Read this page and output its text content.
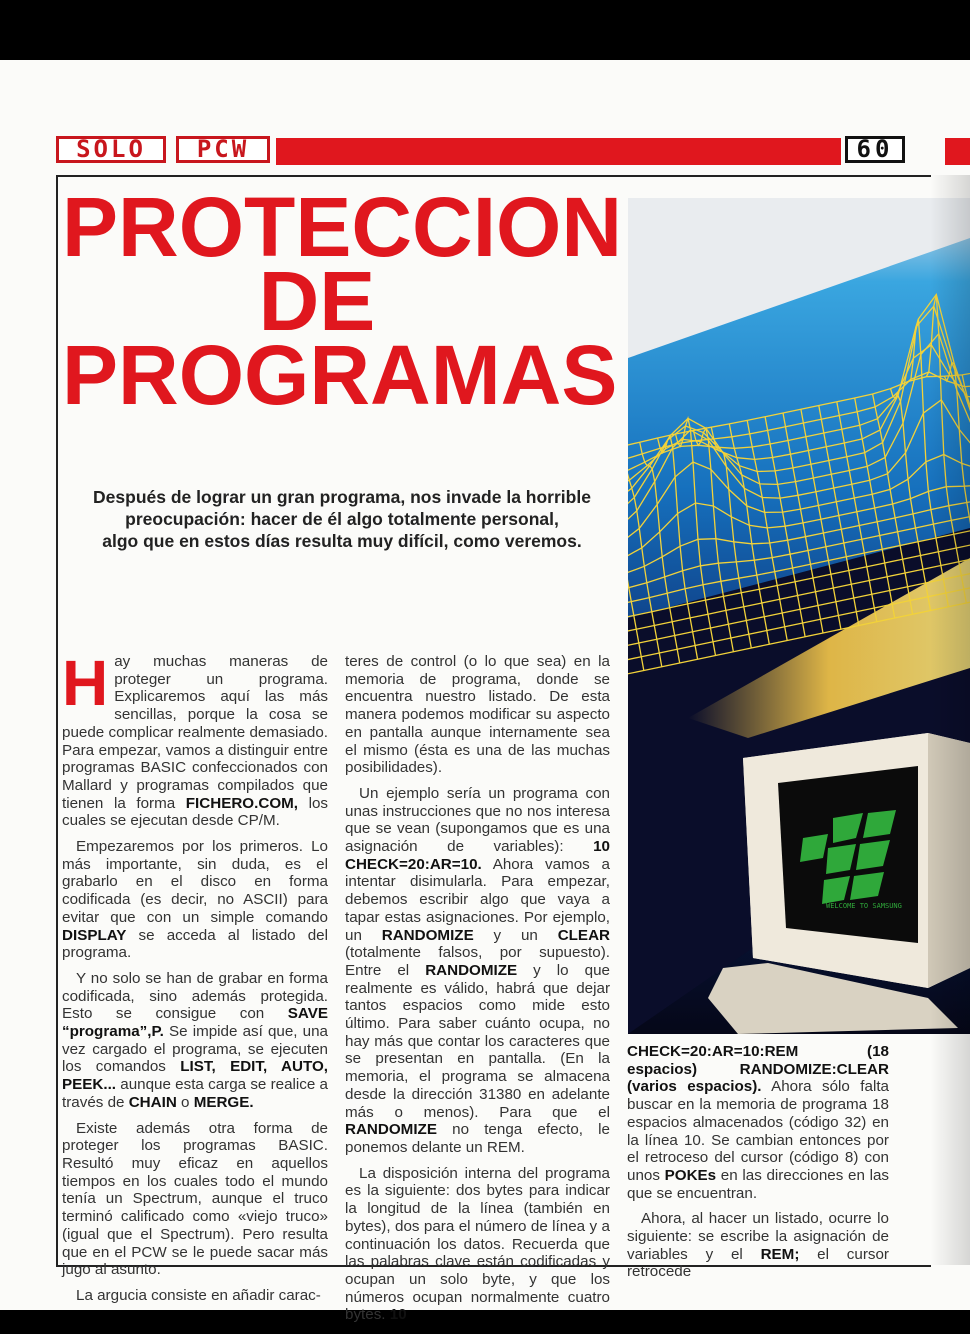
SOLO	PCW	60
PROTECCION
DE
PROGRAMAS
Después de lograr un gran programa, nos invade la horrible
preocupación: hacer de él algo totalmente personal,
algo que en estos días resulta muy difícil, como veremos.

Hay muchas maneras de proteger un programa. Explicaremos aquí las más sencillas, porque la cosa se puede complicar realmente demasiado. Para empezar, vamos a distinguir entre programas BASIC confeccionados con Mallard y programas compilados que tienen la forma FICHERO.COM, los cuales se ejecutan desde CP/M.

Empezaremos por los primeros. Lo más importante, sin duda, es el grabarlo en el disco en forma codificada (es decir, no ASCII) para evitar que con un simple comando DISPLAY se acceda al listado del programa.

Y no solo se han de grabar en forma codificada, sino además protegida. Esto se consigue con SAVE “programa”,P. Se impide así que, una vez cargado el programa, se ejecuten los comandos LIST, EDIT, AUTO, PEEK... aunque esta carga se realice a través de CHAIN o MERGE.

Existe además otra forma de proteger los programas BASIC. Resultó muy eficaz en aquellos tiempos en los cuales todo el mundo tenía un Spectrum, aunque el truco terminó calificado como «viejo truco» (igual que el Spectrum). Pero resulta que en el PCW se le puede sacar más jugo al asunto.

La argucia consiste en añadir carac-

teres de control (o lo que sea) en la memoria de programa, donde se encuentra nuestro listado. De esta manera podemos modificar su aspecto en pantalla aunque internamente sea el mismo (ésta es una de las muchas posibilidades).

Un ejemplo sería un programa con unas instrucciones que no nos interesa que se vean (supongamos que es una asignación de variables): 10 CHECK=20:AR=10. Ahora vamos a intentar disimularla. Para empezar, debemos escribir algo que vaya a tapar estas asignaciones. Por ejemplo, un RANDOMIZE y un CLEAR (totalmente falsos, por supuesto). Entre el RANDOMIZE y lo que realmente es válido, habrá que dejar tantos espacios como mide esto último. Para saber cuánto ocupa, no hay más que contar los caracteres que se presentan en pantalla. (En la memoria, el programa se almacena desde la dirección 31380 en adelante más o menos). Para que el RANDOMIZE no tenga efecto, le ponemos delante un REM.

La disposición interna del programa es la siguiente: dos bytes para indicar la longitud de la línea (también en bytes), dos para el número de línea y a continuación los datos. Recuerda que las palabras clave están codificadas y ocupan un solo byte, y que los números ocupan normalmente cuatro bytes. 10

WELCOME TO SAMSUNG

CHECK=20:AR=10:REM (18 espacios) RANDOMIZE:CLEAR (varios espacios). Ahora sólo falta buscar en la memoria de programa 18 espacios almacenados (código 32) en la línea 10. Se cambian entonces por el retroceso del cursor (código 8) con unos POKEs en las direcciones en las que se encuentran.

Ahora, al hacer un listado, ocurre lo siguiente: se escribe la asignación de variables y el REM; el cursor retrocede
